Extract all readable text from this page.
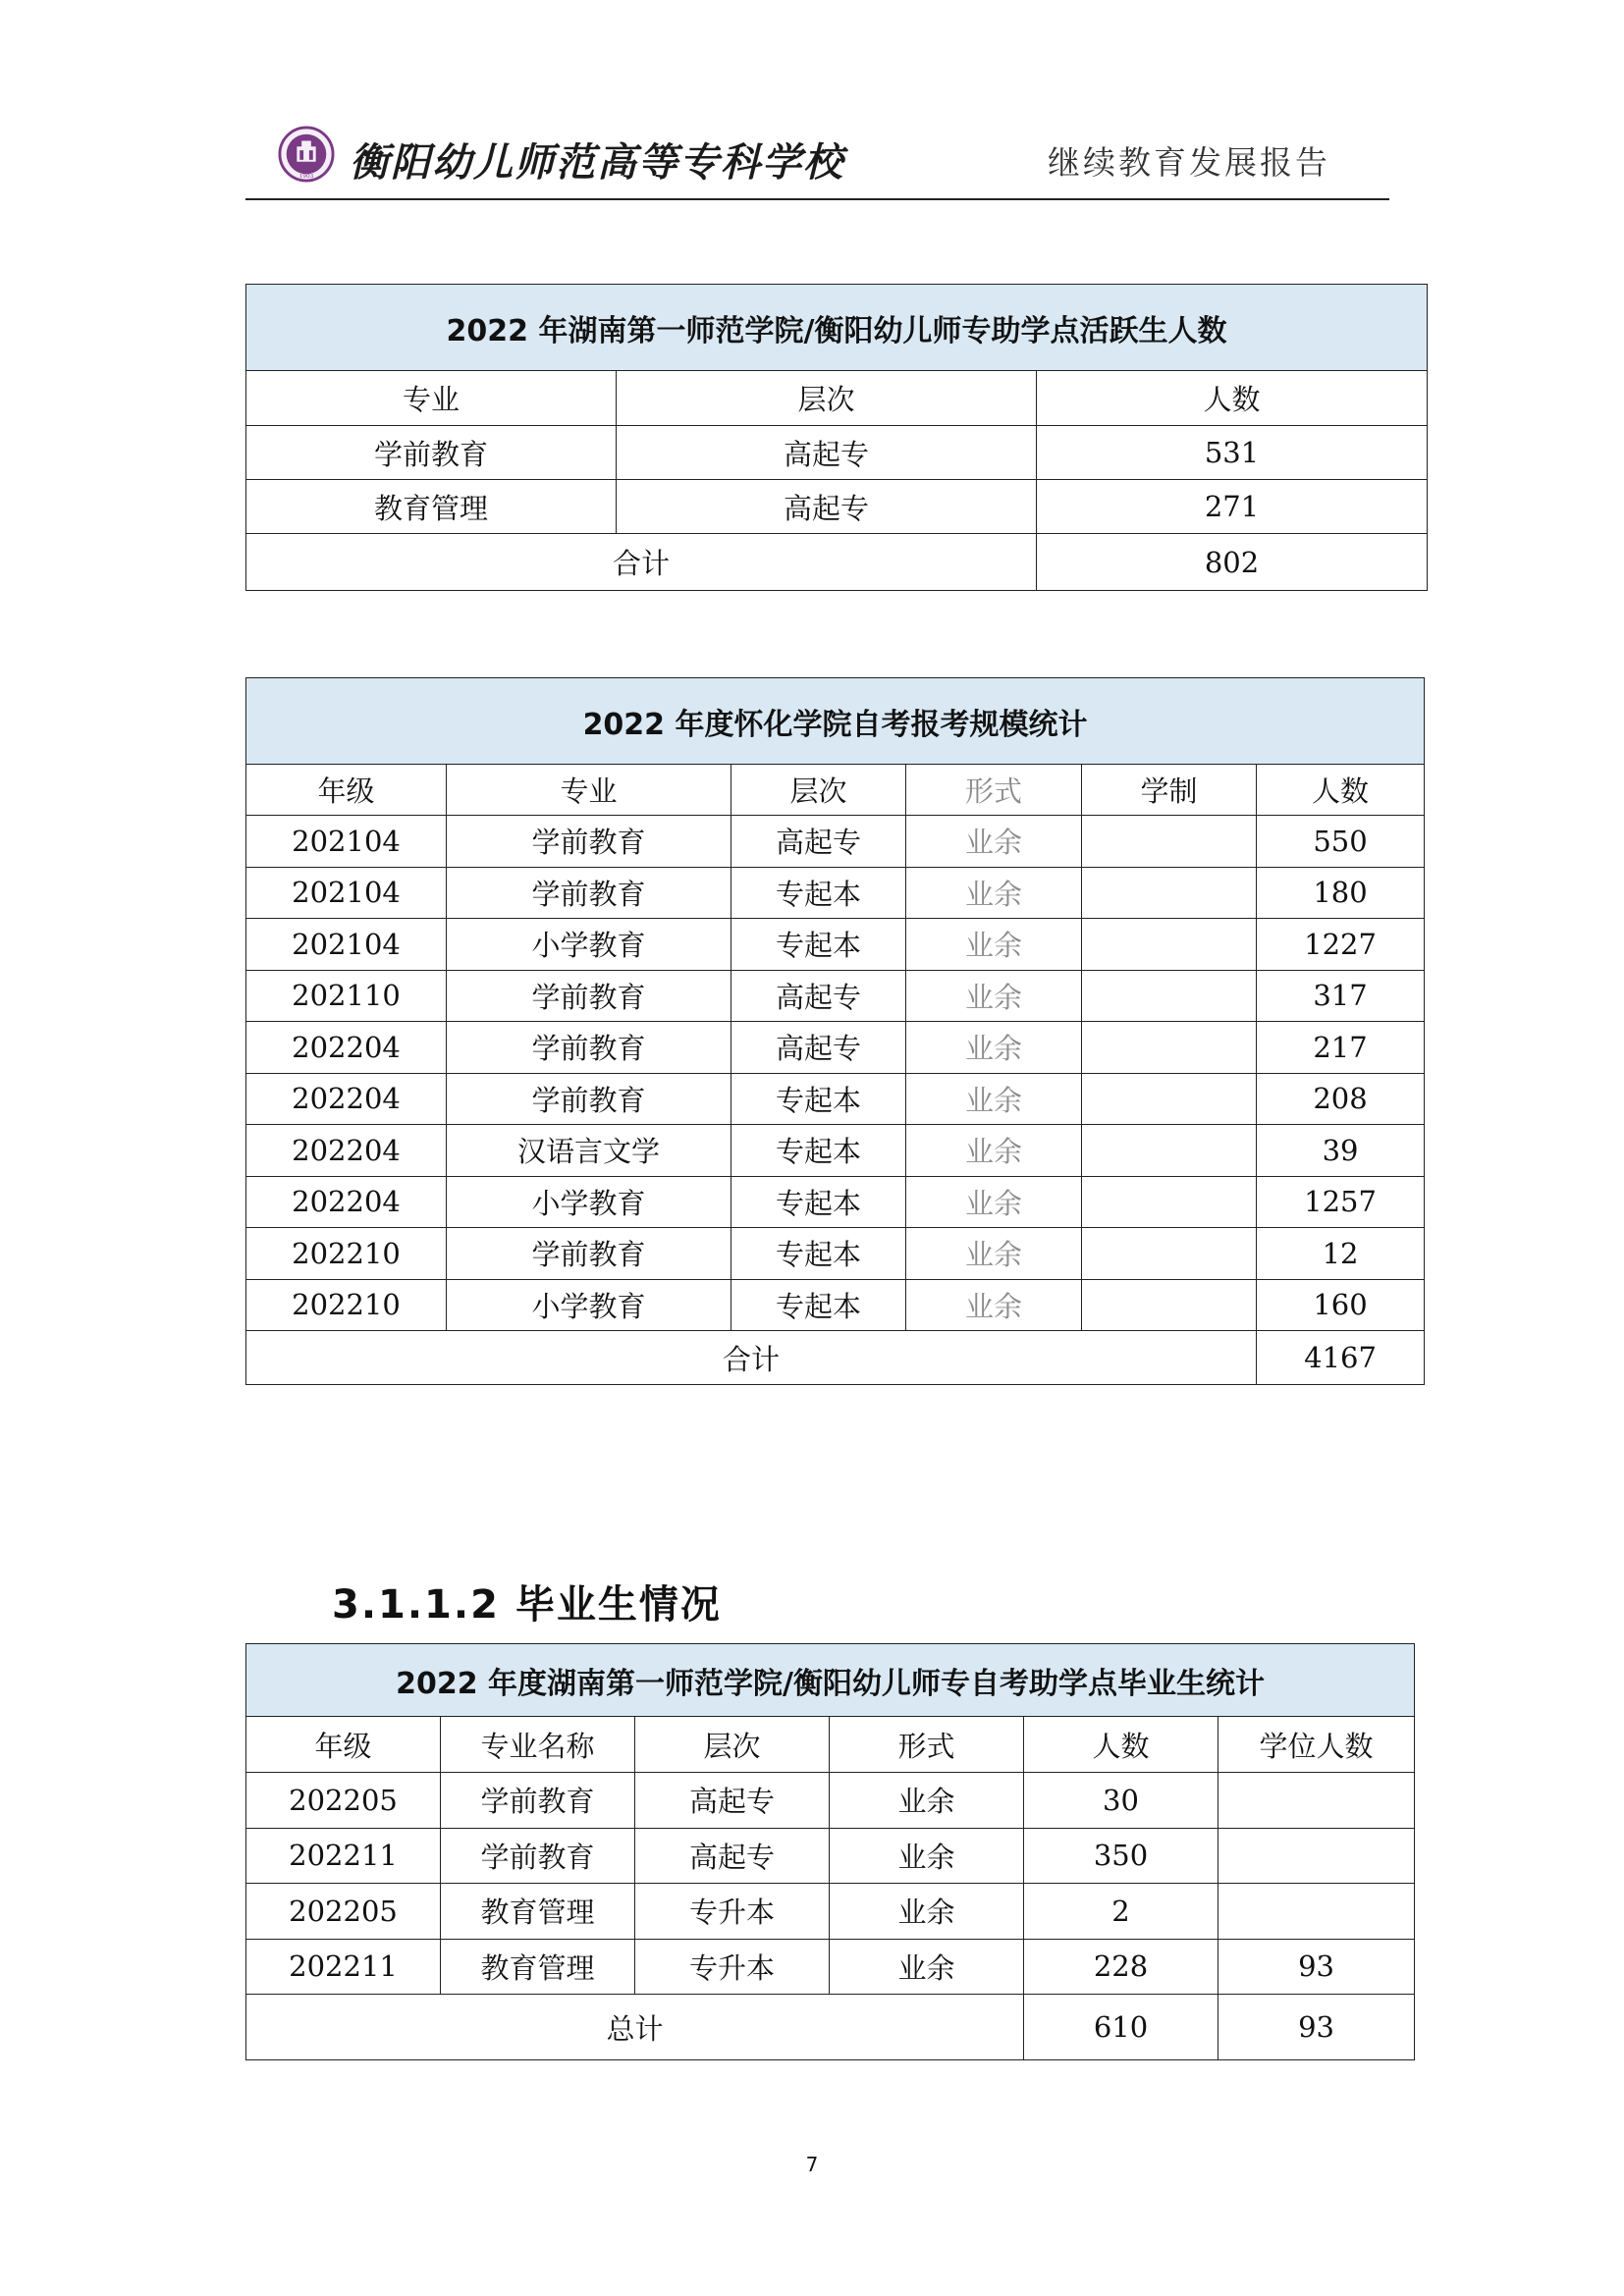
1903 衡阳幼儿师范高等专科学校	继续教育发展报告
2022 年湖南第一师范学院/衡阳幼儿师专助学点活跃生人数		
专业	层次	人数
学前教育	高起专	531
教育管理	高起专	271
合计		802
2022 年度怀化学院自考报考规模统计					
年级	专业	层次	形式	学制	人数
202104	学前教育	高起专	业余		550
202104	学前教育	专起本	业余		180
202104	小学教育	专起本	业余		1227
202110	学前教育	高起专	业余		317
202204	学前教育	高起专	业余		217
202204	学前教育	专起本	业余		208
202204	汉语言文学	专起本	业余		39
202204	小学教育	专起本	业余		1257
202210	学前教育	专起本	业余		12
202210	小学教育	专起本	业余		160
合计					4167
3.1.1.2 毕业生情况
2022 年度湖南第一师范学院/衡阳幼儿师专自考助学点毕业生统计					
年级	专业名称	层次	形式	人数	学位人数
202205	学前教育	高起专	业余	30	
202211	学前教育	高起专	业余	350	
202205	教育管理	专升本	业余	2	
202211	教育管理	专升本	业余	228	93
总计				610	93
7
